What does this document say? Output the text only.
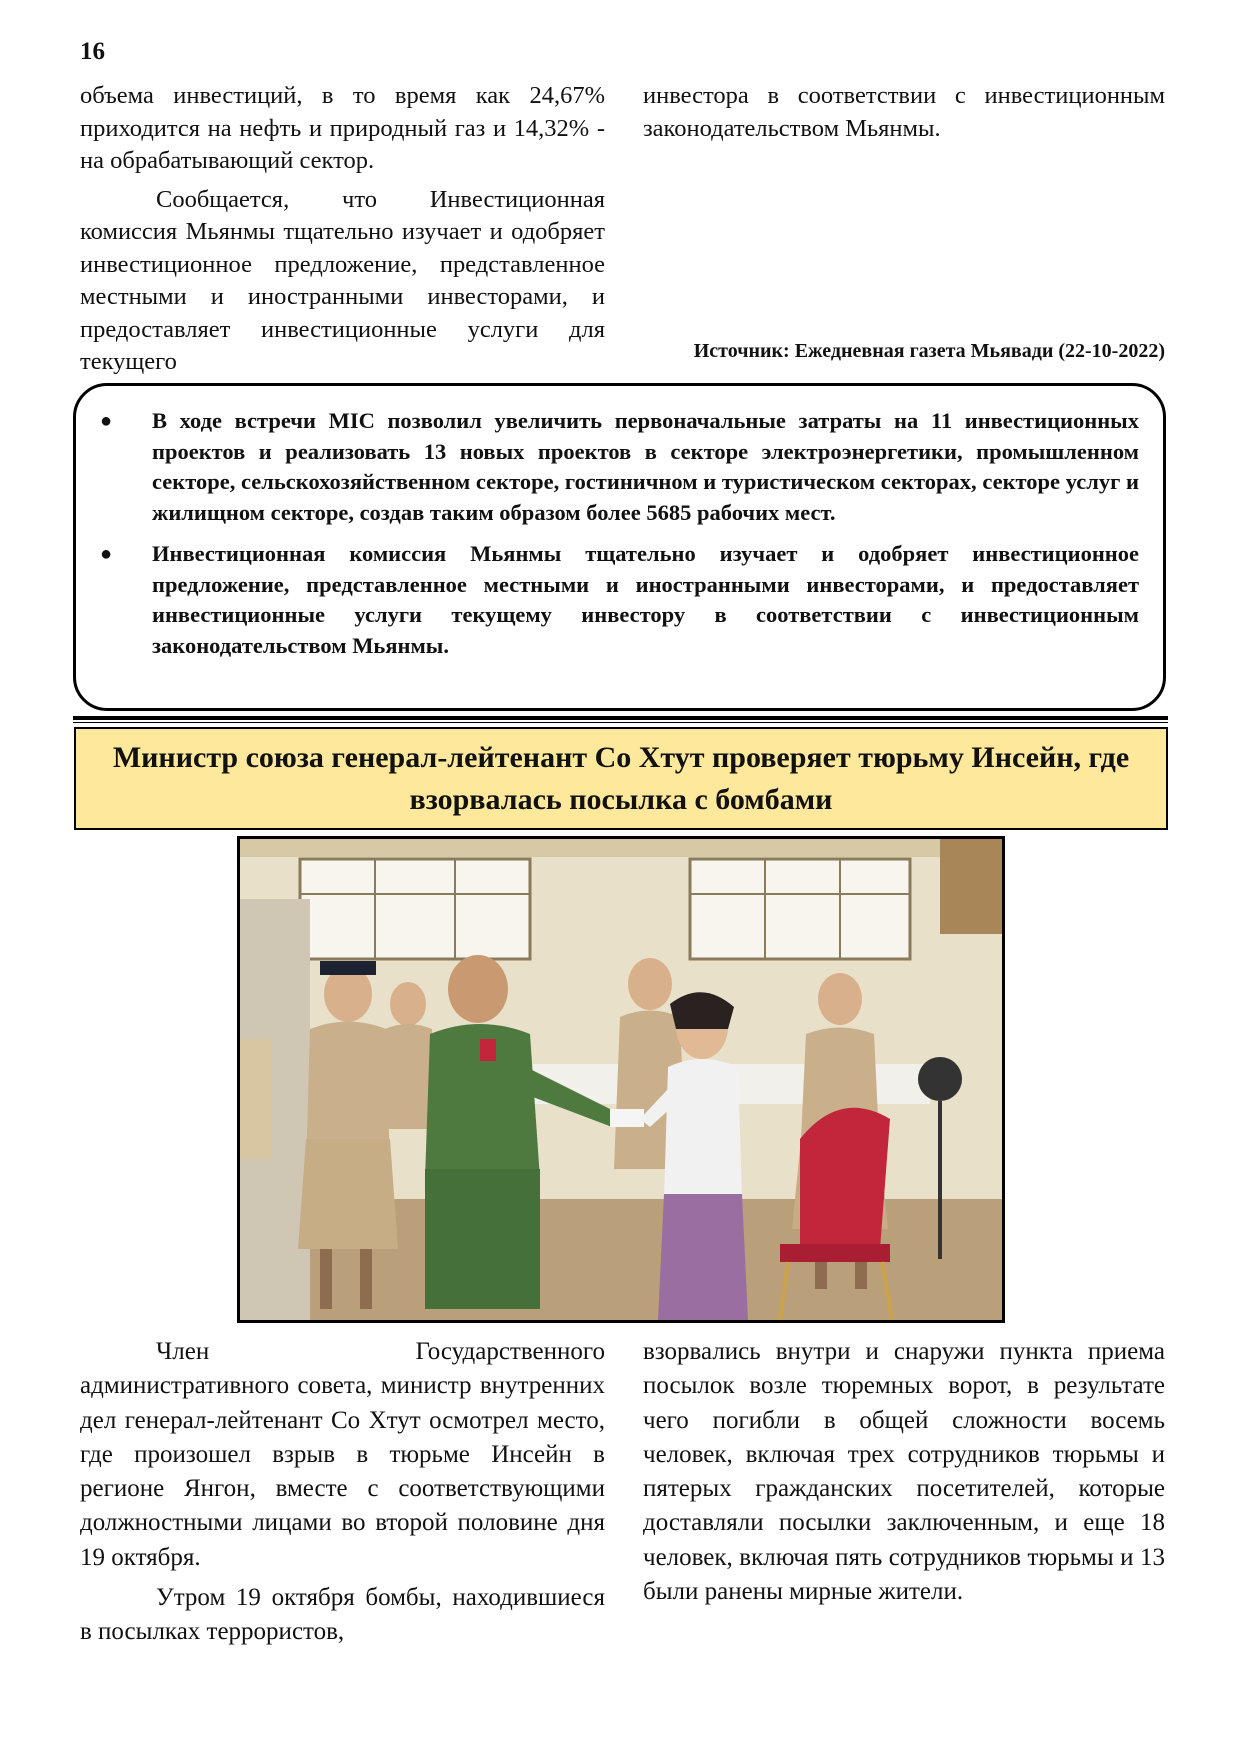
16

объема инвестиций, в то время как 24,67% приходится на нефть и природный газ и 14,32% - на обрабатывающий сектор.

Сообщается, что Инвестиционная комиссия Мьянмы тщательно изучает и одобряет инвестиционное предложение, представленное местными и иностранными инвесторами, и предоставляет инвестиционные услуги для текущего

инвестора в соответствии с инвестиционным законодательством Мьянмы.

Источник: Ежедневная газета Мьявади (22-10-2022)
● В ходе встречи MIC позволил увеличить первоначальные затраты на 11 инвестиционных проектов и реализовать 13 новых проектов в секторе электроэнергетики, промышленном секторе, сельскохозяйственном секторе, гостиничном и туристическом секторах, секторе услуг и жилищном секторе, создав таким образом более 5685 рабочих мест.
● Инвестиционная комиссия Мьянмы тщательно изучает и одобряет инвестиционное предложение, представленное местными и иностранными инвесторами, и предоставляет инвестиционные услуги текущему инвестору в соответствии с инвестиционным законодательством Мьянмы.
Министр союза генерал-лейтенант Со Хтут проверяет тюрьму Инсейн, где взорвалась посылка с бомбами

Член Государственного административного совета, министр внутренних дел генерал-лейтенант Со Хтут осмотрел место, где произошел взрыв в тюрьме Инсейн в регионе Янгон, вместе с соответствующими должностными лицами во второй половине дня 19 октября.

Утром 19 октября бомбы, находившиеся в посылках террористов,

взорвались внутри и снаружи пункта приема посылок возле тюремных ворот, в результате чего погибли в общей сложности восемь человек, включая трех сотрудников тюрьмы и пятерых гражданских посетителей, которые доставляли посылки заключенным, и еще 18 человек, включая пять сотрудников тюрьмы и 13 были ранены мирные жители.
